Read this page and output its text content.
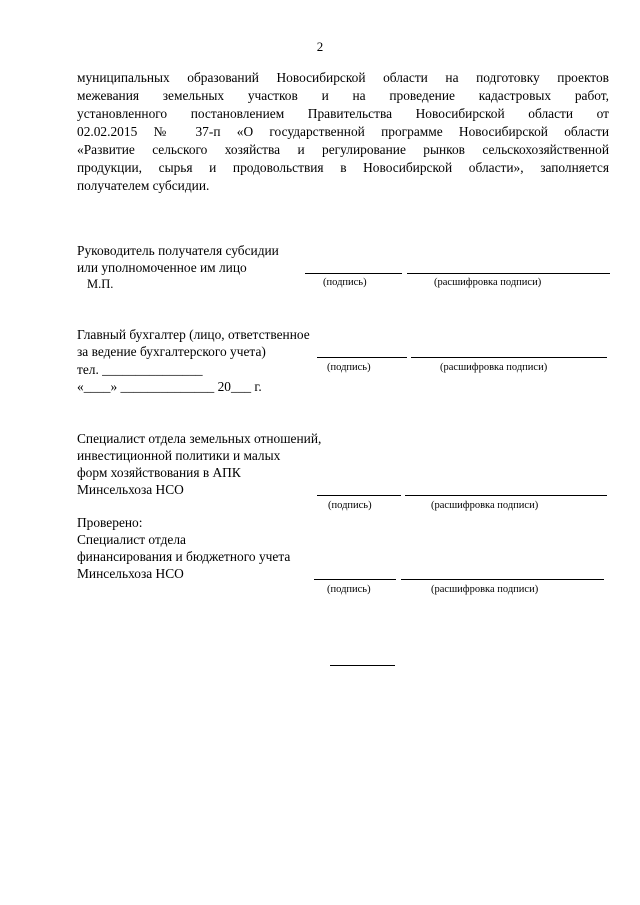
2
муниципальных образований Новосибирской области на подготовку проектов
межевания земельных участков и на проведение кадастровых работ,
установленного постановлением Правительства Новосибирской области от
02.02.2015 № 37-п «О государственной программе Новосибирской области
«Развитие сельского хозяйства и регулирование рынков сельскохозяйственной
продукции, сырья и продовольствия в Новосибирской области», заполняется
получателем субсидии.
Руководитель получателя субсидии
или уполномоченное им лицо
М.П.	(подпись)	(расшифровка подписи)
Главный бухгалтер (лицо, ответственное
за ведение бухгалтерского учета)
тел. _______________
«____» ______________ 20___ г.
(подпись)	(расшифровка подписи)
Специалист отдела земельных отношений,
инвестиционной политики и малых
форм хозяйствования в АПК
Минсельхоза НСО
(подпись)	(расшифровка подписи)
Проверено:
Специалист отдела
финансирования и бюджетного учета
Минсельхоза НСО
(подпись)	(расшифровка подписи)
